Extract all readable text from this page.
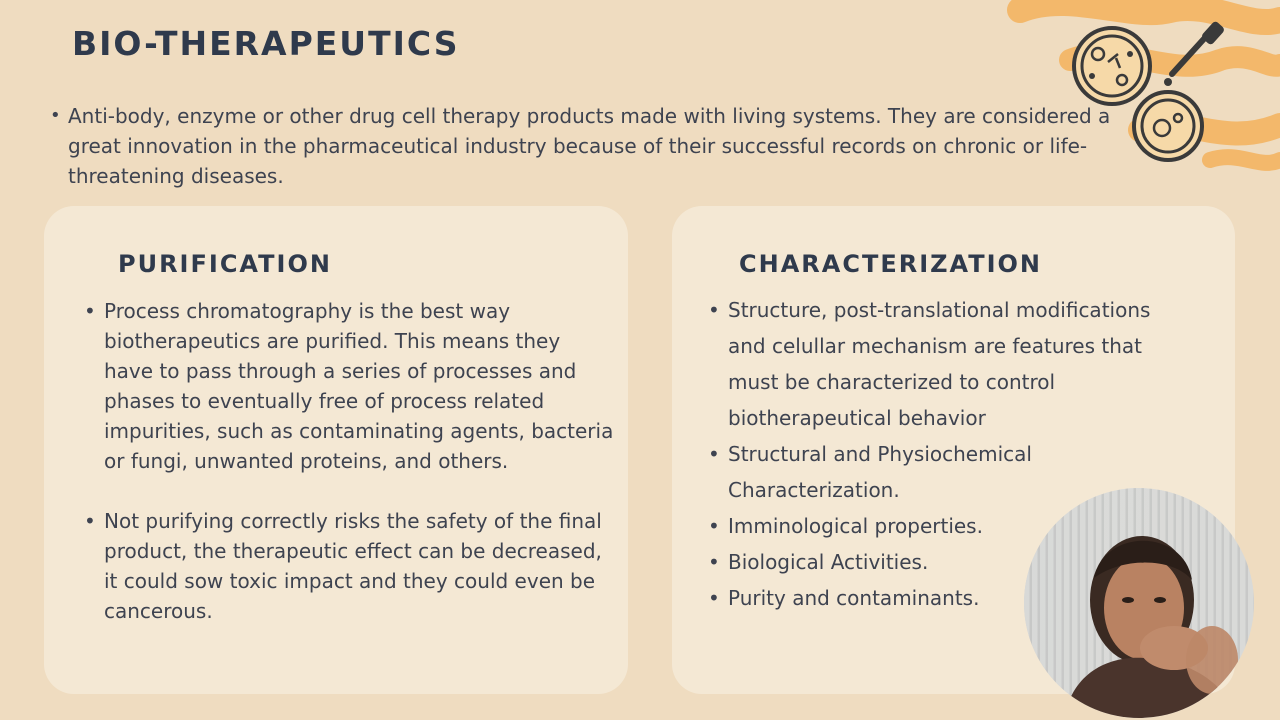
BIO-THERAPEUTICS
• Anti-body, enzyme or other drug cell therapy products made with living systems. They are considered a great innovation in the pharmaceutical industry because of their successful records on chronic or life-threatening diseases.
PURIFICATION
• Process chromatography is the best way biotherapeutics are purified. This means they have to pass through a series of processes and phases to eventually free of process related impurities, such as contaminating agents, bacteria or fungi, unwanted proteins, and others.
• Not purifying correctly risks the safety of the final product, the therapeutic effect can be decreased, it could sow toxic impact and they could even be cancerous.
CHARACTERIZATION
• Structure, post-translational modifications and celullar mechanism are features that must be characterized to control biotherapeutical behavior
• Structural and Physiochemical Characterization.
• Imminological properties.
• Biological Activities.
• Purity and contaminants.
